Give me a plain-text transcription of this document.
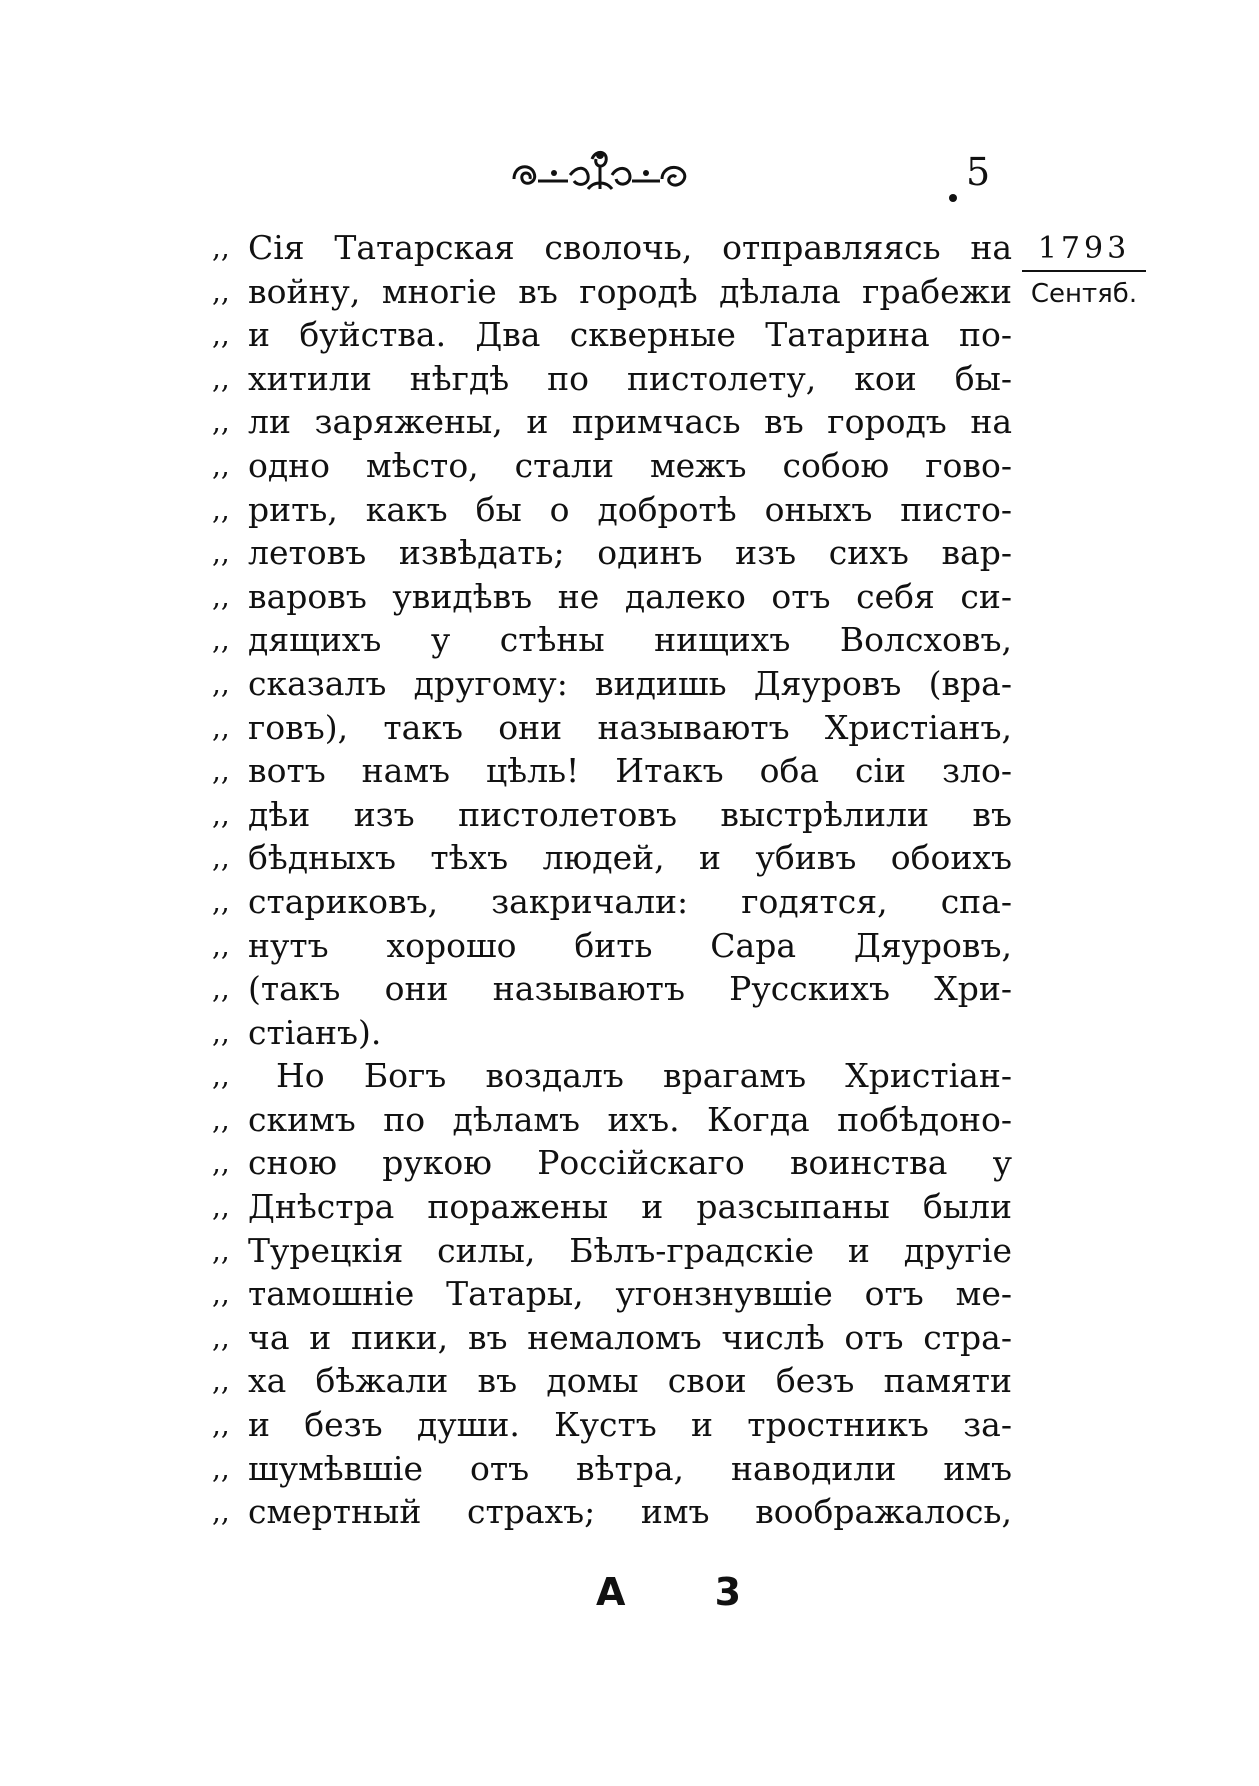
5
1793
Сентяб.
,, Сія Татарская сволочь, отправляясь на
,, войну, многіе въ городѣ дѣлала грабежи
,, и буйства. Два скверные Татарина по-
,, хитили нѣгдѣ по пистолету, кои бы-
,, ли заряжены, и примчась въ городъ на
,, одно мѣсто, стали межъ собою гово-
,, рить, какъ бы о добротѣ оныхъ писто-
,, летовъ извѣдать; одинъ изъ сихъ вар-
,, варовъ увидѣвъ не далеко отъ себя си-
,, дящихъ у стѣны нищихъ Волсховъ,
,, сказалъ другому: видишь Дяуровъ (вра-
,, говъ), такъ они называютъ Христіанъ,
,, вотъ намъ цѣль! Итакъ оба сіи зло-
,, дѣи изъ пистолетовъ выстрѣлили въ
,, бѣдныхъ тѣхъ людей, и убивъ обоихъ
,, стариковъ, закричали: годятся, спа-
,, нутъ хорошо бить Сара Дяуровъ,
,, (такъ они называютъ Русскихъ Хри-
,, стіанъ).
,, Но Богъ воздалъ врагамъ Христіан-
,, скимъ по дѣламъ ихъ. Когда побѣдоно-
,, сною рукою Россійскаго воинства у
,, Днѣстра поражены и разсыпаны были
,, Турецкія силы, Бѣлъ-градскіе и другіе
,, тамошніе Татары, угонзнувшіе отъ ме-
,, ча и пики, въ немаломъ числѣ отъ стра-
,, ха бѣжали въ домы свои безъ памяти
,, и безъ души. Кустъ и тростникъ за-
,, шумѣвшіе отъ вѣтра, наводили имъ
,, смертный страхъ; имъ воображалось,
А 3
